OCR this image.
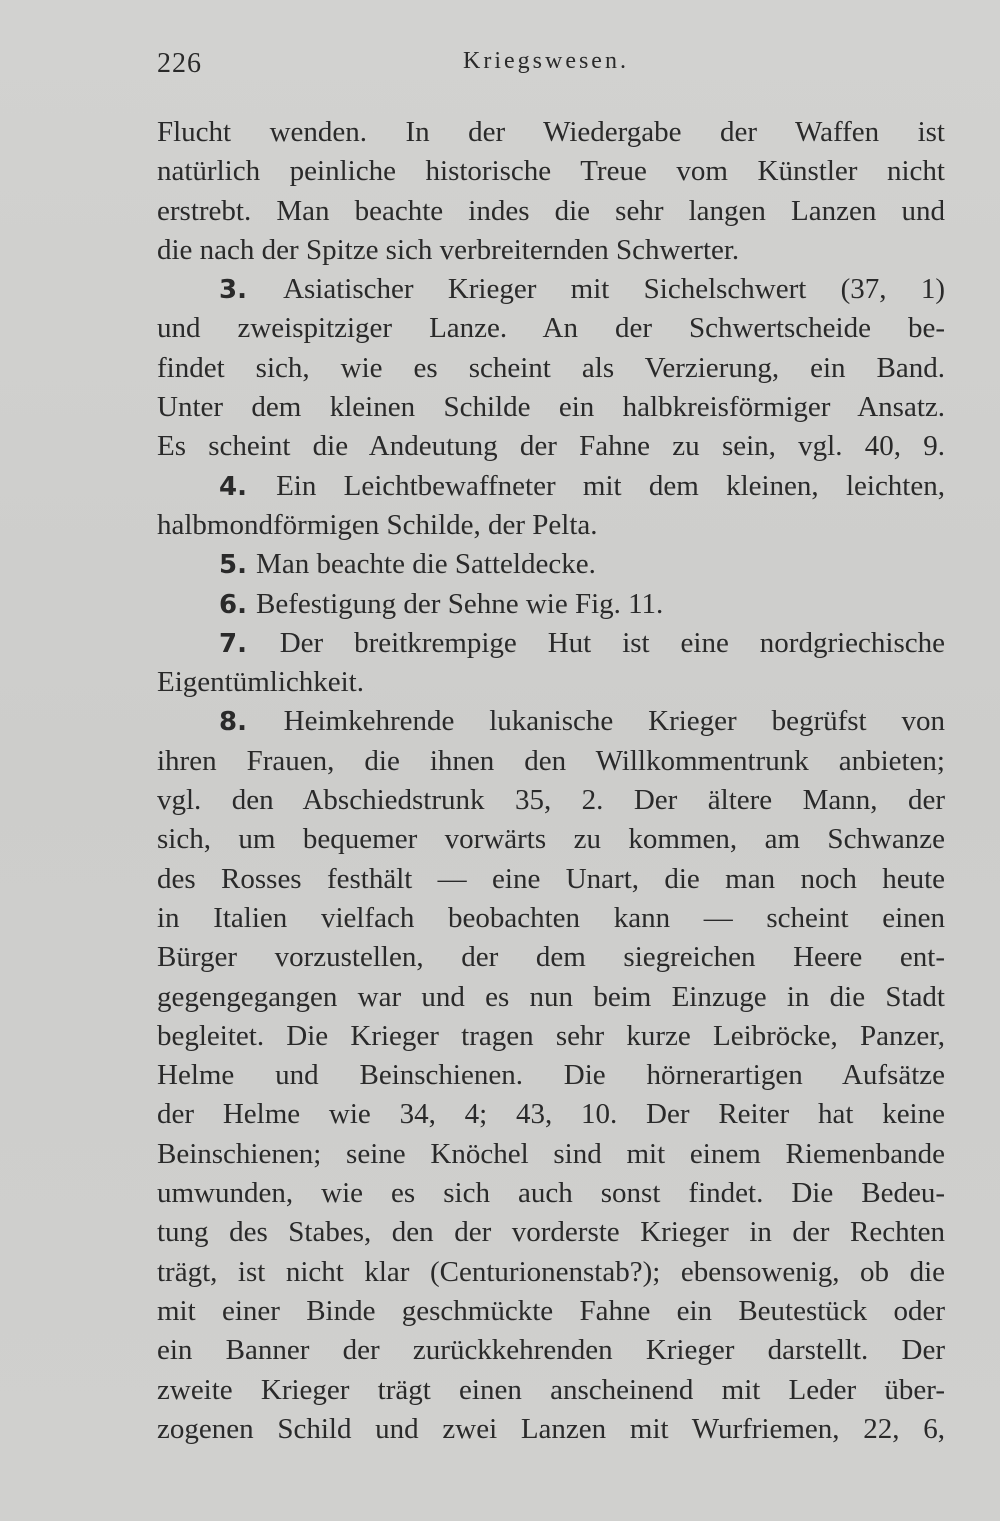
226	Kriegswesen.
Flucht wenden. In der Wiedergabe der Waffen ist
natürlich peinliche historische Treue vom Künstler nicht
erstrebt. Man beachte indes die sehr langen Lanzen und
die nach der Spitze sich verbreiternden Schwerter.
3. Asiatischer Krieger mit Sichelschwert (37, 1)
und zweispitziger Lanze. An der Schwertscheide be-
findet sich, wie es scheint als Verzierung, ein Band.
Unter dem kleinen Schilde ein halbkreisförmiger Ansatz.
Es scheint die Andeutung der Fahne zu sein, vgl. 40, 9.
4. Ein Leichtbewaffneter mit dem kleinen, leichten,
halbmondförmigen Schilde, der Pelta.
5. Man beachte die Satteldecke.
6. Befestigung der Sehne wie Fig. 11.
7. Der breitkrempige Hut ist eine nordgriechische
Eigentümlichkeit.
8. Heimkehrende lukanische Krieger begrüfst von
ihren Frauen, die ihnen den Willkommentrunk anbieten;
vgl. den Abschiedstrunk 35, 2. Der ältere Mann, der
sich, um bequemer vorwärts zu kommen, am Schwanze
des Rosses festhält — eine Unart, die man noch heute
in Italien vielfach beobachten kann — scheint einen
Bürger vorzustellen, der dem siegreichen Heere ent-
gegengegangen war und es nun beim Einzuge in die Stadt
begleitet. Die Krieger tragen sehr kurze Leibröcke, Panzer,
Helme und Beinschienen. Die hörnerartigen Aufsätze
der Helme wie 34, 4; 43, 10. Der Reiter hat keine
Beinschienen; seine Knöchel sind mit einem Riemenbande
umwunden, wie es sich auch sonst findet. Die Bedeu-
tung des Stabes, den der vorderste Krieger in der Rechten
trägt, ist nicht klar (Centurionenstab?); ebensowenig, ob die
mit einer Binde geschmückte Fahne ein Beutestück oder
ein Banner der zurückkehrenden Krieger darstellt. Der
zweite Krieger trägt einen anscheinend mit Leder über-
zogenen Schild und zwei Lanzen mit Wurfriemen, 22, 6,
